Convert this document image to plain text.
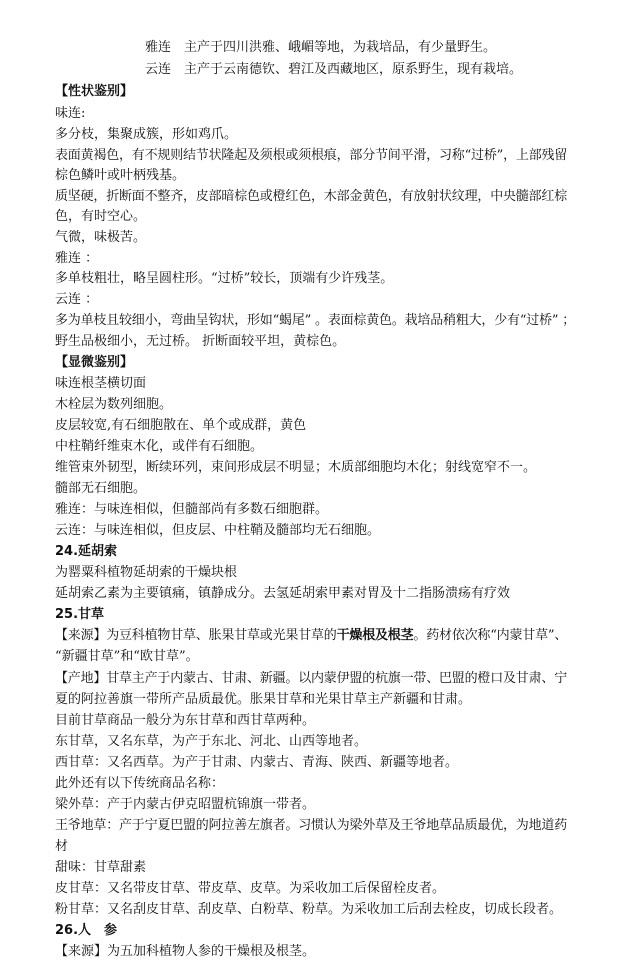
雅连　主产于四川洪雅、峨嵋等地，为栽培品，有少量野生。
云连　主产于云南德钦、碧江及西藏地区，原系野生，现有栽培。
【性状鉴别】
味连:
多分枝，集聚成簇，形如鸡爪。
表面黄褐色，有不规则结节状隆起及须根或须根痕，部分节间平滑，习称“过桥”，上部残留
棕色鳞叶或叶柄残基。
质坚硬，折断面不整齐，皮部暗棕色或橙红色，木部金黄色，有放射状纹理，中央髓部红棕
色，有时空心。
气微，味极苦。
雅连 ：
多单枝粗壮，略呈圆柱形。“过桥”较长，顶端有少许残茎。
云连 ：
多为单枝且较细小，弯曲呈钩状，形如“蝎尾” 。表面棕黄色。栽培品稍粗大，少有“过桥” ；
野生品极细小，无过桥。 折断面较平坦，黄棕色。
【显微鉴别】
味连根茎横切面
木栓层为数列细胞。
皮层较宽,有石细胞散在、单个或成群，黄色
中柱鞘纤维束木化，或伴有石细胞。
维管束外韧型，断续环列，束间形成层不明显；木质部细胞均木化；射线宽窄不一。
髓部无石细胞。
雅连：与味连相似，但髓部尚有多数石细胞群。
云连：与味连相似，但皮层、中柱鞘及髓部均无石细胞。
24.延胡索
为罂粟科植物延胡索的干燥块根
延胡索乙素为主要镇痛，镇静成分。去氢延胡索甲素对胃及十二指肠溃疡有疗效
25.甘草
【来源】为豆科植物甘草、胀果甘草或光果甘草的干燥根及根茎。药材依次称“内蒙甘草”、
“新疆甘草”和“欧甘草”。
【产地】甘草主产于内蒙古、甘肃、新疆。以内蒙伊盟的杭旗一带、巴盟的橙口及甘肃、宁
夏的阿拉善旗一带所产品质最优。胀果甘草和光果甘草主产新疆和甘肃。
目前甘草商品一般分为东甘草和西甘草两种。
东甘草，又名东草，为产于东北、河北、山西等地者。
西甘草：又名西草。为产于甘肃、内蒙古、青海、陕西、新疆等地者。
此外还有以下传统商品名称：
梁外草：产于内蒙古伊克昭盟杭锦旗一带者。
王爷地草：产于宁夏巴盟的阿拉善左旗者。习惯认为梁外草及王爷地草品质最优，为地道药
材
甜味：甘草甜素
皮甘草：又名带皮甘草、带皮草、皮草。为采收加工后保留栓皮者。
粉甘草：又名刮皮甘草、刮皮草、白粉草、粉草。为采收加工后刮去栓皮，切成长段者。
26.人　参
【来源】为五加科植物人参的干燥根及根茎。
